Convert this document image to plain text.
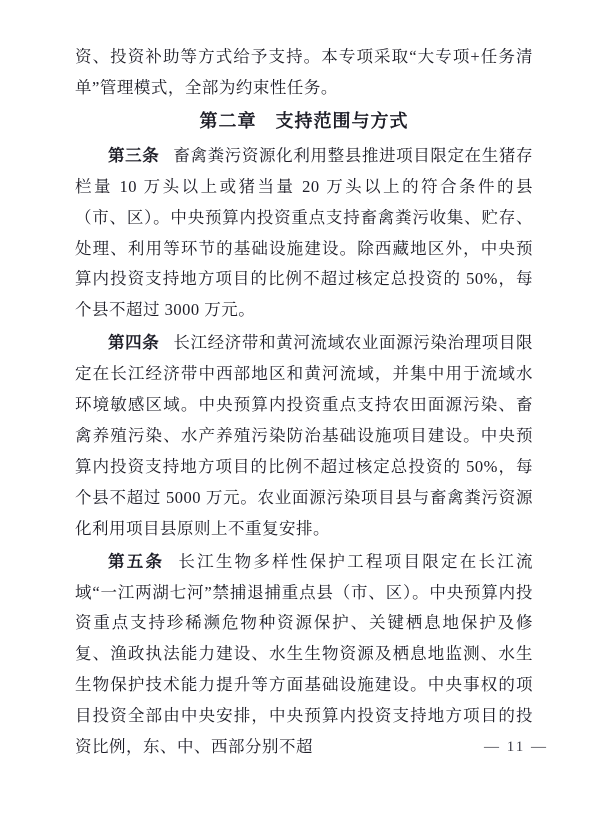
资、投资补助等方式给予支持。本专项采取“大专项+任务清单”管理模式，全部为约束性任务。

第二章　支持范围与方式

第三条 畜禽粪污资源化利用整县推进项目限定在生猪存栏量 10 万头以上或猪当量 20 万头以上的符合条件的县（市、区）。中央预算内投资重点支持畜禽粪污收集、贮存、处理、利用等环节的基础设施建设。除西藏地区外，中央预算内投资支持地方项目的比例不超过核定总投资的 50%，每个县不超过 3000 万元。

第四条 长江经济带和黄河流域农业面源污染治理项目限定在长江经济带中西部地区和黄河流域，并集中用于流域水环境敏感区域。中央预算内投资重点支持农田面源污染、畜禽养殖污染、水产养殖污染防治基础设施项目建设。中央预算内投资支持地方项目的比例不超过核定总投资的 50%，每个县不超过 5000 万元。农业面源污染项目县与畜禽粪污资源化利用项目县原则上不重复安排。

第五条 长江生物多样性保护工程项目限定在长江流域“一江两湖七河”禁捕退捕重点县（市、区）。中央预算内投资重点支持珍稀濒危物种资源保护、关键栖息地保护及修复、渔政执法能力建设、水生生物资源及栖息地监测、水生生物保护技术能力提升等方面基础设施建设。中央事权的项目投资全部由中央安排，中央预算内投资支持地方项目的投资比例，东、中、西部分别不超	— 11 —
